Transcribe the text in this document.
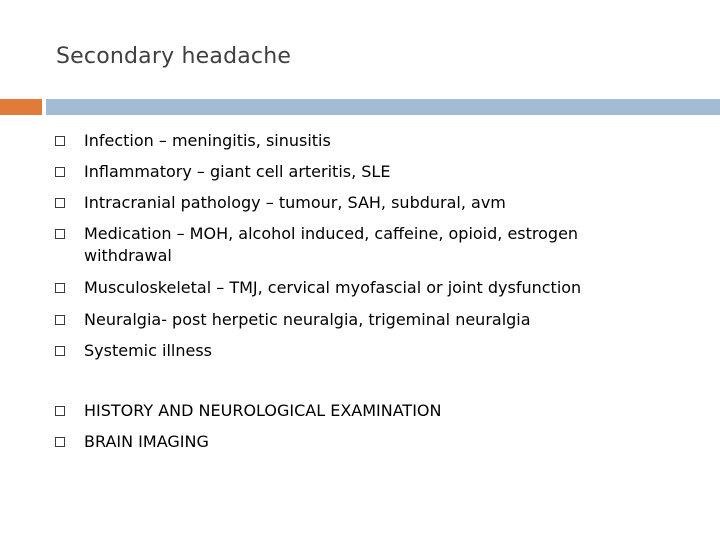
Secondary headache
Infection – meningitis, sinusitis
Inflammatory – giant cell arteritis, SLE
Intracranial pathology – tumour, SAH, subdural, avm
Medication – MOH, alcohol induced, caffeine, opioid, estrogen
withdrawal
Musculoskeletal – TMJ, cervical myofascial or joint dysfunction
Neuralgia- post herpetic neuralgia, trigeminal neuralgia
Systemic illness
HISTORY AND NEUROLOGICAL EXAMINATION
BRAIN IMAGING
